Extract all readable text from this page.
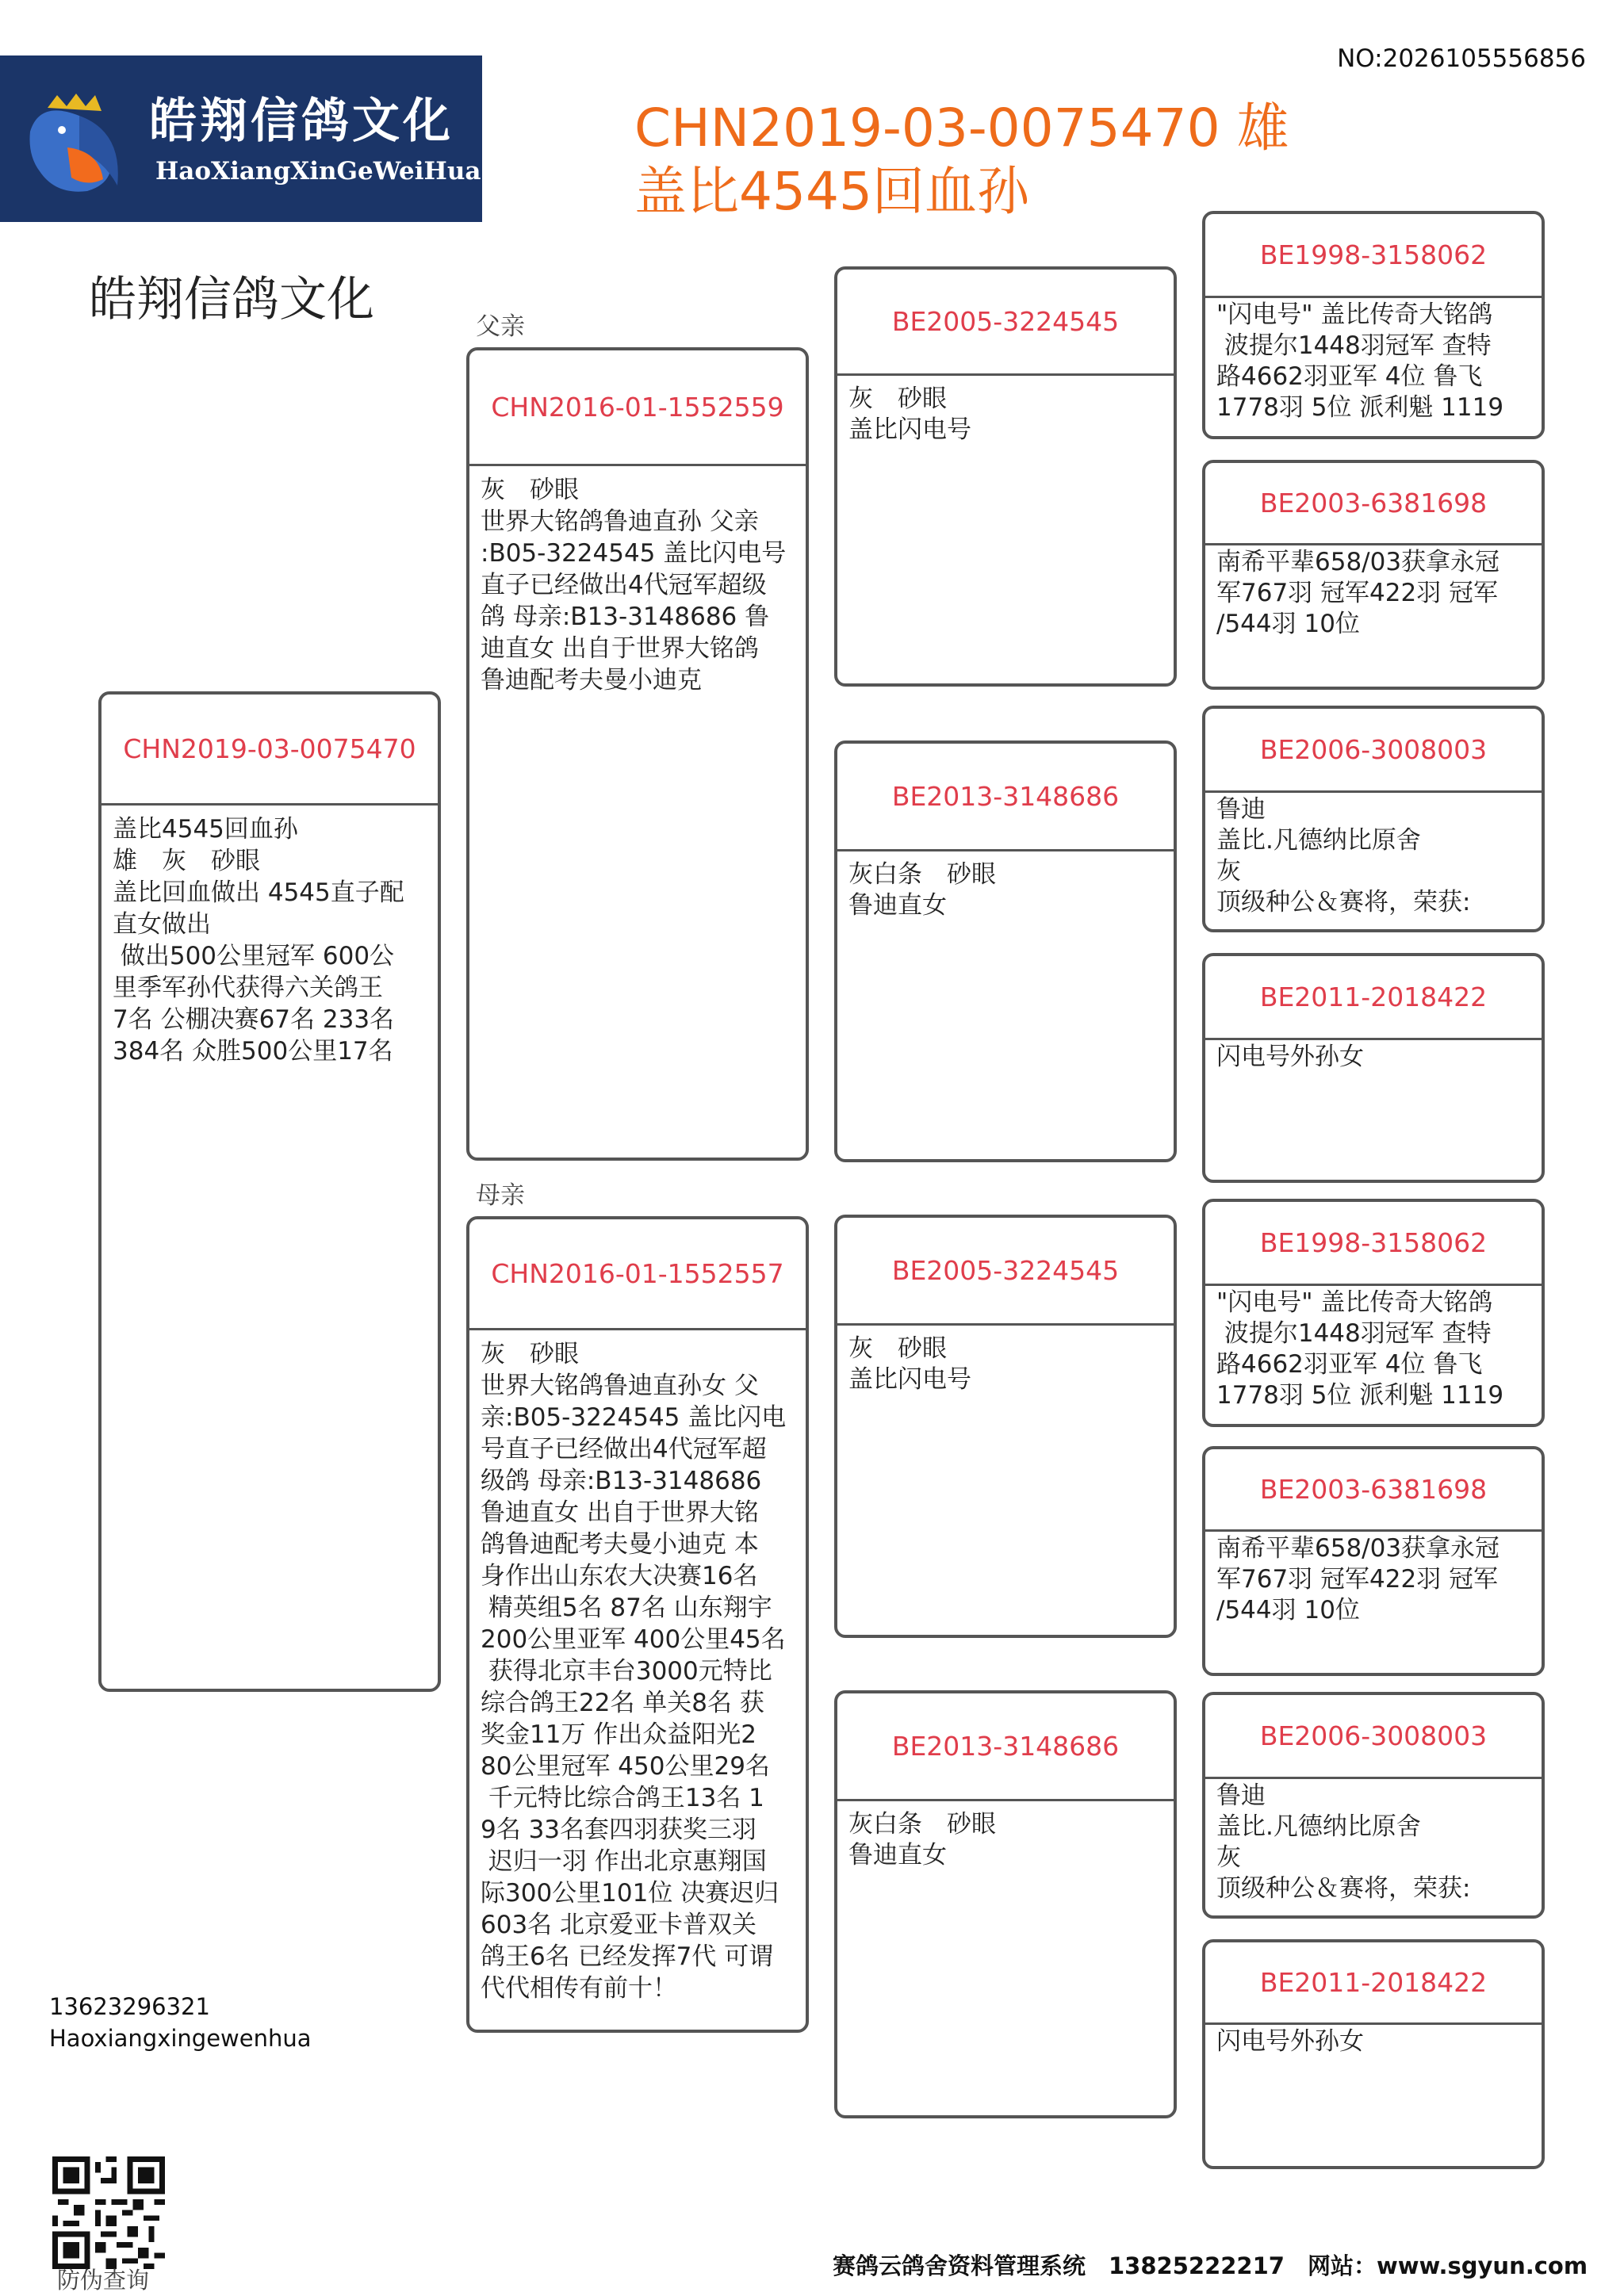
皓翔信鸽文化
HaoXiangXinGeWeiHua
NO:2026105556856
CHN2019-03-0075470 雄
盖比4545回血孙
皓翔信鸽文化	父亲
母亲
CHN2019-03-0075470
盖比4545回血孙
雄　灰　砂眼
盖比回血做出 4545直子配
直女做出
做出500公里冠军 600公
里季军孙代获得六关鸽王
7名 公棚决赛67名 233名
384名 众胜500公里17名
CHN2016-01-1552559
灰　砂眼
世界大铭鸽鲁迪直孙 父亲
:B05-3224545 盖比闪电号
直子已经做出4代冠军超级
鸽 母亲:B13-3148686 鲁
迪直女 出自于世界大铭鸽
鲁迪配考夫曼小迪克
CHN2016-01-1552557
灰　砂眼
世界大铭鸽鲁迪直孙女 父
亲:B05-3224545 盖比闪电
号直子已经做出4代冠军超
级鸽 母亲:B13-3148686
鲁迪直女 出自于世界大铭
鸽鲁迪配考夫曼小迪克 本
身作出山东农大决赛16名
精英组5名 87名 山东翔宇
200公里亚军 400公里45名
获得北京丰台3000元特比
综合鸽王22名 单关8名 获
奖金11万 作出众益阳光2
80公里冠军 450公里29名
千元特比综合鸽王13名 1
9名 33名套四羽获奖三羽
迟归一羽 作出北京惠翔国
际300公里101位 决赛迟归
603名 北京爱亚卡普双关
鸽王6名 已经发挥7代 可谓
代代相传有前十！
BE2005-3224545
灰　砂眼
盖比闪电号
BE2013-3148686
灰白条　砂眼
鲁迪直女
BE2005-3224545
灰　砂眼
盖比闪电号
BE2013-3148686
灰白条　砂眼
鲁迪直女
BE1998-3158062
"闪电号" 盖比传奇大铭鸽
波提尔1448羽冠军 查特
路4662羽亚军 4位 鲁飞
1778羽 5位 派利魁 1119
BE2003-6381698
南希平辈658/03获拿永冠
军767羽 冠军422羽 冠军
/544羽 10位
BE2006-3008003
鲁迪
盖比.凡德纳比原舍
灰
顶级种公＆赛将，荣获:
BE2011-2018422
闪电号外孙女
BE1998-3158062
"闪电号" 盖比传奇大铭鸽
波提尔1448羽冠军 查特
路4662羽亚军 4位 鲁飞
1778羽 5位 派利魁 1119
BE2003-6381698
南希平辈658/03获拿永冠
军767羽 冠军422羽 冠军
/544羽 10位
BE2006-3008003
鲁迪
盖比.凡德纳比原舍
灰
顶级种公＆赛将，荣获:
BE2011-2018422
闪电号外孙女
13623296321
Haoxiangxingewenhua
防伪查询
赛鸽云鸽舍资料管理系统　13825222217　网站：www.sgyun.com
